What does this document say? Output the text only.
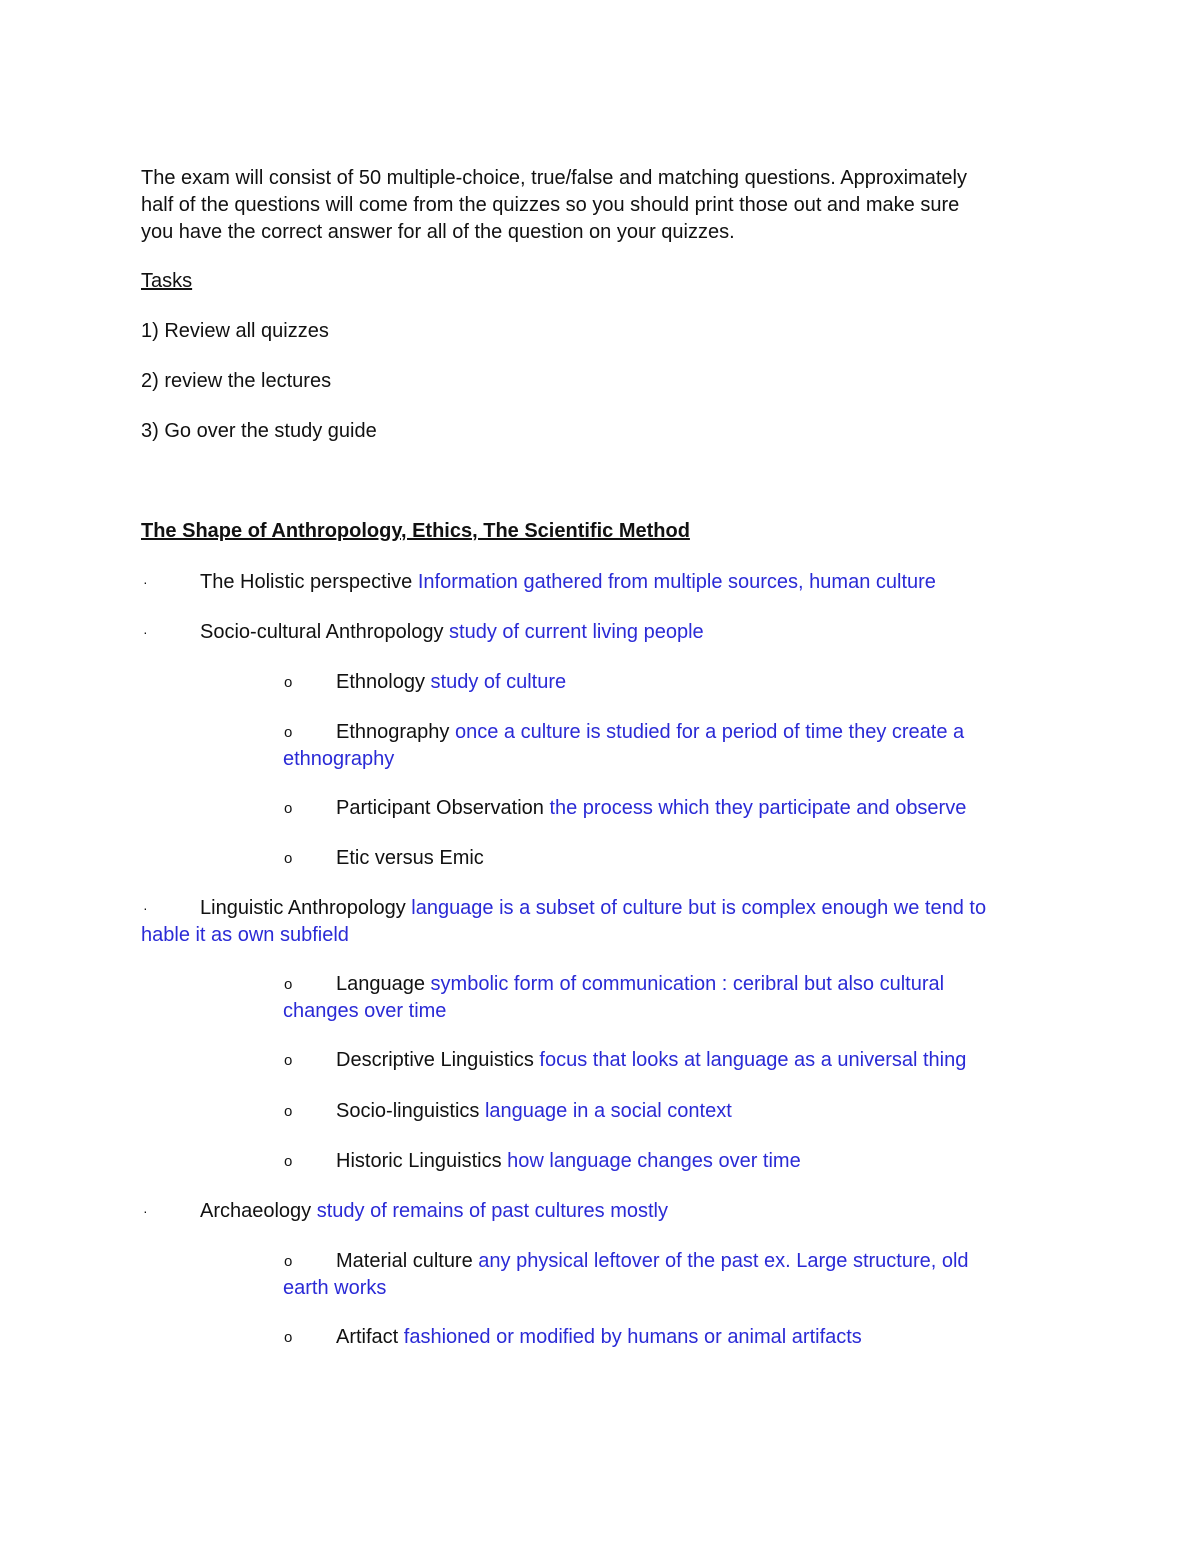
The exam will consist of 50 multiple-choice, true/false and matching questions. Approximately
half of the questions will come from the quizzes so you should print those out and make sure
you have the correct answer for all of the question on your quizzes.
Tasks
1) Review all quizzes
2) review the lectures
3) Go over the study guide
The Shape of Anthropology, Ethics, The Scientific Method
·	The Holistic perspective Information gathered from multiple sources, human culture
·	Socio-cultural Anthropology study of current living people
o Ethnology study of culture
o Ethnography once a culture is studied for a period of time they create a
ethnography
o Participant Observation the process which they participate and observe
o Etic versus Emic
·	Linguistic Anthropology language is a subset of culture but is complex enough we tend to
hable it as own subfield
o Language symbolic form of communication : ceribral but also cultural
changes over time
o Descriptive Linguistics focus that looks at language as a universal thing
o Socio-linguistics language in a social context
o Historic Linguistics how language changes over time
·	Archaeology study of remains of past cultures mostly
o Material culture any physical leftover of the past ex. Large structure, old
earth works
o Artifact fashioned or modified by humans or animal artifacts
